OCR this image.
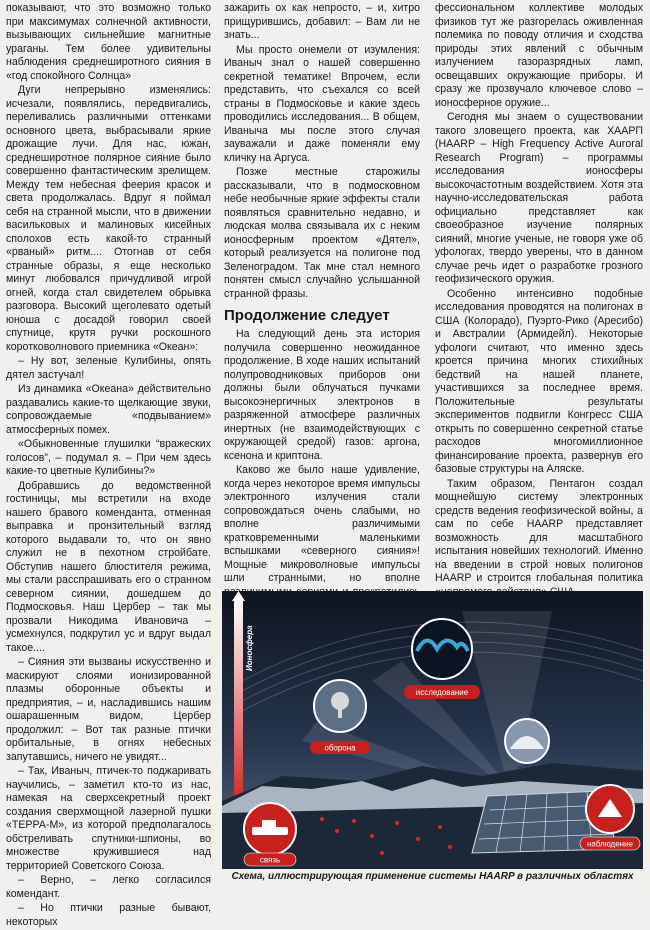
показывают, что это возможно только при максимумах солнечной активности, вызывающих сильнейшие магнитные ураганы. Тем более удивительны наблюдения среднеширотного сияния в «год спокойного Солнца»

Дуги непрерывно изменялись: исчезали, появлялись, передвигались, переливались различными оттенками основного цвета, выбрасывали яркие дрожащие лучи. Для нас, южан, среднеширотное полярное сияние было совершенно фантастическим зрелищем. Между тем небесная феерия красок и света продолжалась. Вдруг я поймал себя на странной мысли, что в движении васильковых и малиновых кисейных сполохов есть какой-то странный «рваный» ритм.... Отогнав от себя странные образы, я еще несколько минут любовался причудливой игрой огней, когда стал свидетелем обрывка разговора. Высокий щеголевато одетый юноша с досадой говорил своей спутнице, крутя ручки роскошного коротковолнового приемника «Океан»:

– Ну вот, зеленые Кулибины, опять дятел застучал!

Из динамика «Океана» действительно раздавались какие-то щелкающие звуки, сопровождаемые «подвыванием» атмосферных помех.

«Обыкновенные глушилки “вражеских голосов”, – подумал я. – При чем здесь какие-то цветные Кулибины?»

Добравшись до ведомственной гостиницы, мы встретили на входе нашего бравого коменданта, отменная выправка и пронзительный взгляд которого выдавали то, что он явно служил не в пехотном стройбате. Обступив нашего блюстителя режима, мы стали расспрашивать его о странном северном сиянии, дошедшем до Подмосковья. Наш Цербер – так мы прозвали Никодима Ивановича – усмехнулся, подкрутил ус и вдруг выдал такое....

– Сияния эти вызваны искусственно и маскируют слоями ионизированной плазмы оборонные объекты и предприятия, – и, насладившись нашим ошарашенным видом, Цербер продолжил: – Вот так разные птички орбитальные, в огнях небесных запутавшись, ничего не увидят...

– Так, Иваныч, птичек-то поджаривать научились, – заметил кто-то из нас, намекая на сверхсекретный проект создания сверхмощной лазерной пушки «ТЕРРА-М», из которой предполагалось обстреливать спутники-шпионы, во множестве кружившиеся над территорией Советского Союза.

– Верно, – легко согласился комендант.

– Но птички разные бывают, некоторых

зажарить ох как непросто, – и, хитро прищурившись, добавил: – Вам ли не знать...

Мы просто онемели от изумления: Иваныч знал о нашей совершенно секретной тематике! Впрочем, если представить, что съехался со всей страны в Подмосковье и какие здесь проводились исследования... В общем, Иваныча мы после этого случая зауважали и даже поменяли ему кличку на Аргуса.

Позже местные старожилы рассказывали, что в подмосковном небе необычные яркие эффекты стали появляться сравнительно недавно, и людская молва связывала их с неким ионосферным проектом «Дятел», который реализуется на полигоне под Зеленоградом. Так мне стал немного понятен смысл случайно услышанной странной фразы.

Продолжение следует

На следующий день эта история получила совершенно неожиданное продолжение. В ходе наших испытаний полупроводниковых приборов они должны были облучаться пучками высокоэнергичных электронов в разряженной атмосфере различных инертных (не взаимодействующих с окружающей средой) газов: аргона, ксенона и криптона.

Каково же было наше удивление, когда через некоторое время импульсы электронного излучения стали сопровождаться очень слабыми, но вполне различимыми кратковременными маленькими вспышками «северного сияния»! Мощные микроволновые импульсы шли странными, но вполне

фессиональном коллективе молодых физиков тут же разгорелась оживленная полемика по поводу отличия и сходства природы этих явлений с обычным излучением газоразрядных ламп, освещавших окружающие приборы. И сразу же прозвучало ключевое слово – ионосферное оружие...

Сегодня мы знаем о существовании такого зловещего проекта, как ХААРП (HAARP – High Frequency Active Auroral Research Program) – программы исследования ионосферы высокочастотным воздействием. Хотя эта научно-исследовательская работа официально представляет как своеобразное изучение полярных сияний, многие ученые, не говоря уже об уфологах, твердо уверены, что в данном случае речь идет о разработке грозного геофизического оружия.

Особенно интенсивно подобные исследования проводятся на полигонах в США (Колорадо), Пуэрто-Рико (Аресибо) и Австралии (Армидейл). Некоторые уфологи считают, что именно здесь кроется причина многих стихийных бедствий на нашей планете, участившихся за последнее время. Положительные результаты экспериментов подвигли Конгресс США открыть по совершенно секретной статье расходов многомиллионное финансирование проекта, развернув его базовые структуры на Аляске.

Таким образом, Пентагон создал мощнейшую систему электронных средств ведения геофизической войны, а сам по себе HAARP представляет возможность для масштабного испытания новейших технологий. Именно на введении в строй новых полигонов HAARP и строится глобальная политика

Ионосфера
исследование
оборона
связь
наблюдение
Схема, иллюстрирующая применение системы HAARP в различных областях
